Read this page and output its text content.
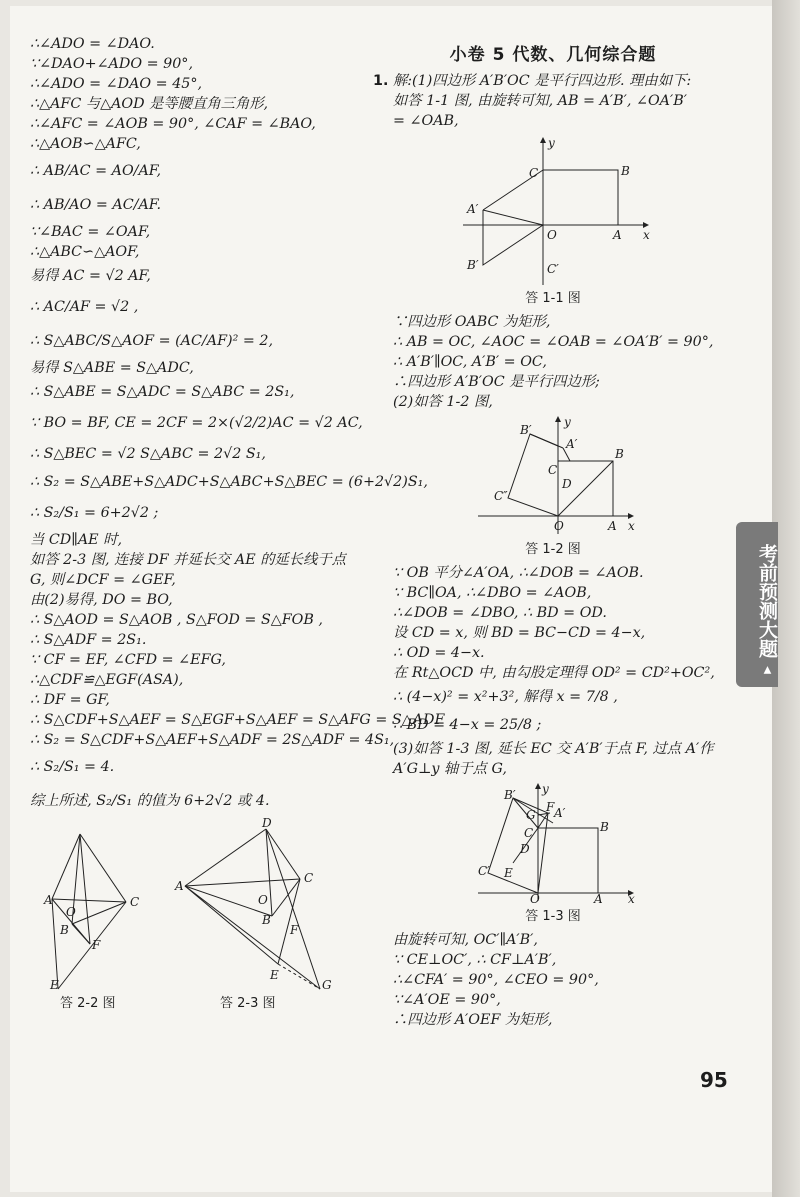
考前预测大题 ▲
∴∠ADO = ∠DAO.
∵∠DAO+∠ADO = 90°,
∴∠ADO = ∠DAO = 45°,
∴△AFC 与△AOD 是等腰直角三角形,
∴∠AFC = ∠AOB = 90°, ∠CAF = ∠BAO,
∴△AOB∽△AFC,
∴ AB/AC = AO/AF,
∴ AB/AO = AC/AF.
∵∠BAC = ∠OAF,
∴△ABC∽△AOF,
易得 AC = √2 AF,
∴ AC/AF = √2 ,
∴ S△ABC/S△AOF = (AC/AF)² = 2,
易得 S△ABE = S△ADC,
∴ S△ABE = S△ADC = S△ABC = 2S₁,
∵ BO = BF, CE = 2CF = 2×(√2/2)AC = √2 AC,
∴ S△BEC = √2 S△ABC = 2√2 S₁,
∴ S₂ = S△ABE+S△ADC+S△ABC+S△BEC = (6+2√2)S₁,
∴ S₂/S₁ = 6+2√2 ;
当 CD∥AE 时,
如答 2-3 图, 连接 DF 并延长交 AE 的延长线于点
G, 则∠DCF = ∠GEF,
由(2)易得, DO = BO,
∴ S△AOD = S△AOB , S△FOD = S△FOB ,
∴ S△ADF = 2S₁.
∵ CF = EF, ∠CFD = ∠EFG,
∴△CDF≌△EGF(ASA),
∴ DF = GF,
∴ S△CDF+S△AEF = S△EGF+S△AEF = S△AFG = S△ADF ,
∴ S₂ = S△CDF+S△AEF+S△ADF = 2S△ADF = 4S₁,
∴ S₂/S₁ = 4.
综上所述, S₂/S₁ 的值为 6+2√2 或 4.
A	C
O
B
F
E
A
D
C
O
B
F
E
G
答 2-2 图	答 2-3 图
小卷 5 代数、几何综合题
1. 解:(1)四边形 A′B′OC 是平行四边形. 理由如下:
如答 1-1 图, 由旋转可知, AB = A′B′, ∠OA′B′
= ∠OAB,
C	B
A′
O	A x
y
B′	C′
答 1-1 图
∵四边形 OABC 为矩形,
∴ AB = OC, ∠AOC = ∠OAB = ∠OA′B′ = 90°,
∴ A′B′∥OC, A′B′ = OC,
∴四边形 A′B′OC 是平行四边形;
(2)如答 1-2 图,
B′
y
A′
B
C
D
C″
O	A x
答 1-2 图
∵ OB 平分∠A′OA, ∴∠DOB = ∠AOB.
∵ BC∥OA, ∴∠DBO = ∠AOB,
∴∠DOB = ∠DBO, ∴ BD = OD.
设 CD = x, 则 BD = BC−CD = 4−x,
∴ OD = 4−x.
在 Rt△OCD 中, 由勾股定理得 OD² = CD²+OC²,
∴ (4−x)² = x²+3², 解得 x = 7/8 ,
∴ BD = 4−x = 25/8 ;
(3)如答 1-3 图, 延长 EC 交 A′B′于点 F, 过点 A′作
A′G⊥y 轴于点 G,
B′ y
F A′
G
B
C
D
C′ E
O	A x
答 1-3 图
由旋转可知, OC′∥A′B′,
∵ CE⊥OC′, ∴ CF⊥A′B′,
∴∠CFA′ = 90°, ∠CEO = 90°,
∵∠A′OE = 90°,
∴四边形 A′OEF 为矩形,
95
